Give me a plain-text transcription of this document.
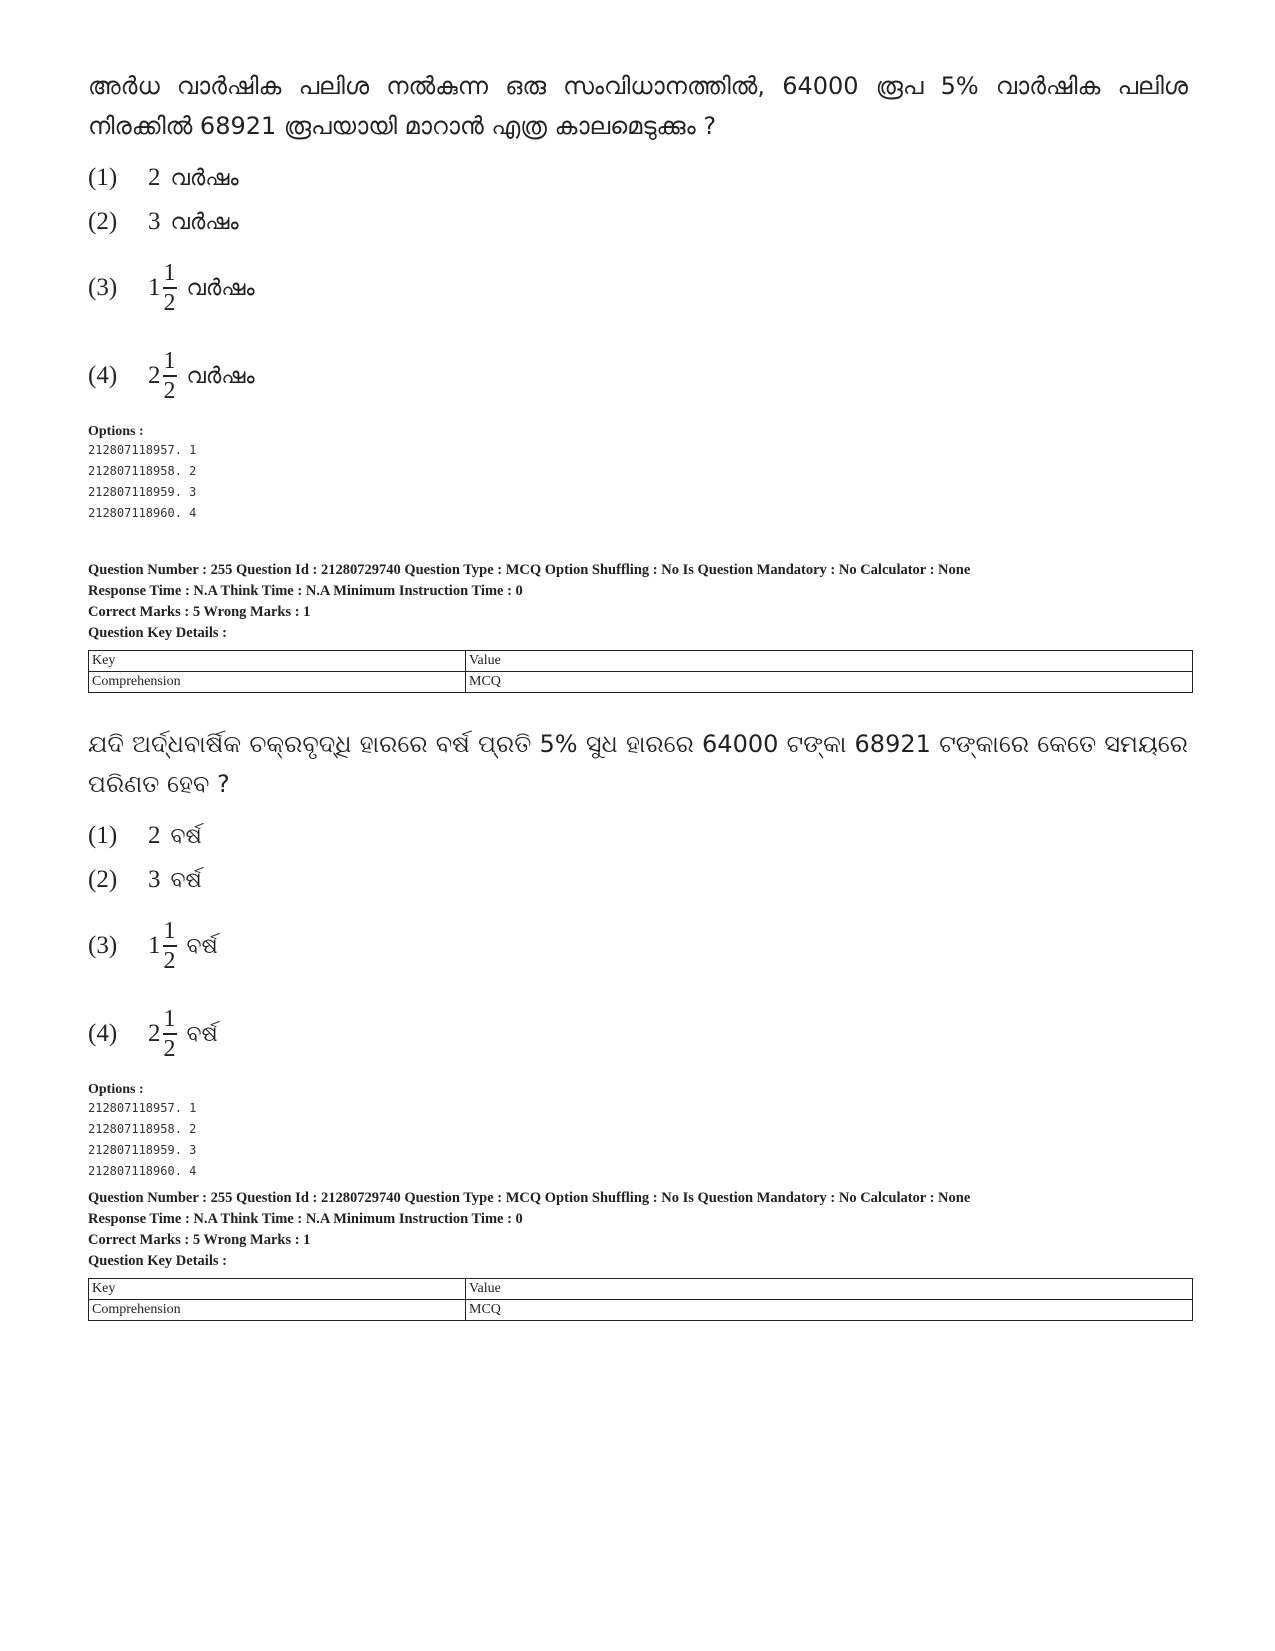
അർധ വാർഷിക പലിശ നൽകുന്ന ഒരു സംവിധാനത്തിൽ, 64000 രൂപ 5% വാർഷിക പലിശ നിരക്കിൽ 68921 രൂപയായി മാറാൻ എത്ര കാലമെടുക്കും ?

(1)	2 വർഷം
(2)	3 വർഷം
(3)	$1 \frac{1}{2}$ വർഷം
(4)	$2 \frac{1}{2}$ വർഷം
Options :
212807118957. 1
212807118958. 2
212807118959. 3
212807118960. 4
Question Number : 255 Question Id : 21280729740 Question Type : MCQ Option Shuffling : No Is Question Mandatory : No Calculator : None
Response Time : N.A Think Time : N.A Minimum Instruction Time : 0
Correct Marks : 5 Wrong Marks : 1
Question Key Details :
Key	Value
Comprehension	MCQ

ଯଦି ଅର୍ଦ୍ଧବାର୍ଷିକ ଚକ୍ରବୃଦ୍ଧି ହାରରେ ବର୍ଷ ପ୍ରତି 5% ସୁଧ ହାରରେ 64000 ଟଙ୍କା 68921 ଟଙ୍କାରେ କେତେ ସମୟରେ ପରିଣତ ହେବ ?

(1)	2 ବର୍ଷ
(2)	3 ବର୍ଷ
(3)	$1 \frac{1}{2}$ ବର୍ଷ
(4)	$2 \frac{1}{2}$ ବର୍ଷ
Options :
212807118957. 1
212807118958. 2
212807118959. 3
212807118960. 4
Question Number : 255 Question Id : 21280729740 Question Type : MCQ Option Shuffling : No Is Question Mandatory : No Calculator : None
Response Time : N.A Think Time : N.A Minimum Instruction Time : 0
Correct Marks : 5 Wrong Marks : 1
Question Key Details :
Key	Value
Comprehension	MCQ
